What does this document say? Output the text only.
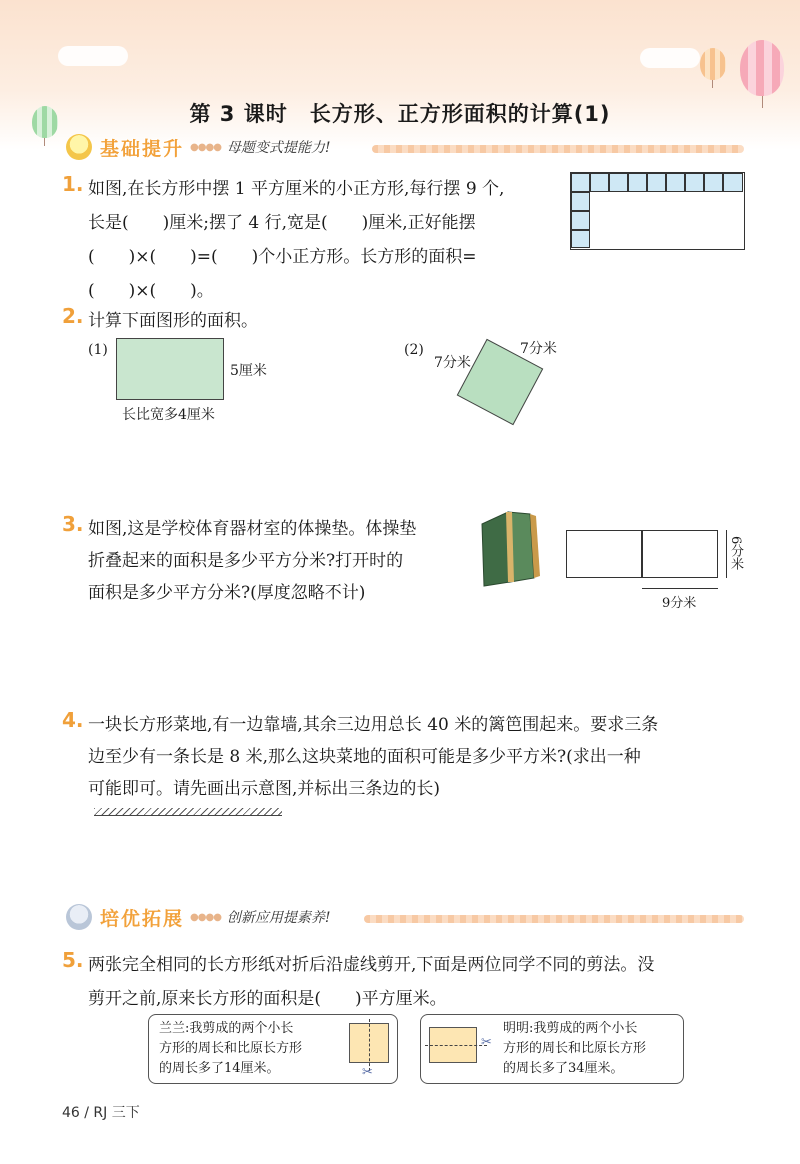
第 3 课时 长方形、正方形面积的计算(1)
基础提升 ●●●● 母题变式提能力!
1. 如图,在长方形中摆 1 平方厘米的小正方形,每行摆 9 个,
长是(　　)厘米;摆了 4 行,宽是(　　)厘米,正好能摆
(　　)×(　　)=(　　)个小正方形。长方形的面积=
(　　)×(　　)。
2. 计算下面图形的面积。
(1)
5厘米
长比宽多4厘米
(2)
7分米
7分米
3. 如图,这是学校体育器材室的体操垫。体操垫
折叠起来的面积是多少平方分米?打开时的
面积是多少平方分米?(厚度忽略不计)
6分米
9分米
4. 一块长方形菜地,有一边靠墙,其余三边用总长 40 米的篱笆围起来。要求三条
边至少有一条长是 8 米,那么这块菜地的面积可能是多少平方米?(求出一种
可能即可。请先画出示意图,并标出三条边的长)
培优拓展 ●●●● 创新应用提素养!
5. 两张完全相同的长方形纸对折后沿虚线剪开,下面是两位同学不同的剪法。没
剪开之前,原来长方形的面积是(　　)平方厘米。
兰兰:我剪成的两个小长
方形的周长和比原长方形
的周长多了14厘米。	✂
✂
明明:我剪成的两个小长
方形的周长和比原长方形
的周长多了34厘米。
46 / RJ 三下
